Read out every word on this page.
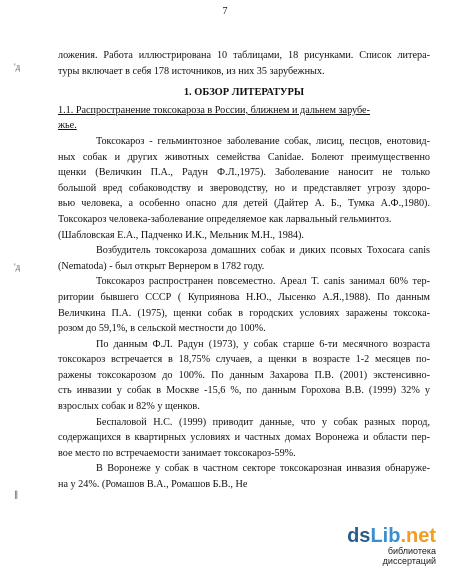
7
'д
'д
∥
ложения. Работа иллюстрирована 10 таблицами, 18 рисунками. Список литера-
туры включает в себя 178 источников, из них 35 зарубежных.
1. ОБЗОР ЛИТЕРАТУРЫ
1.1. Распространение токсокароза в России, ближнем и дальнем зарубе-
жье.
Токсокароз - гельминтозное заболевание собак, лисиц, песцов, енотовид-
ных собак и других животных семейства Canidae. Болеют преимущественно
щенки (Величкин П.А., Радун Ф.Л.,1975). Заболевание наносит не только
большой вред собаководству и звероводству, но и представляет угрозу здоро-
вью человека, а особенно опасно для детей (Дайтер А. Б., Тумка А.Ф.,1980).
Токсокароз человека-заболевание определяемое как ларвальный гельминтоз.
(Шабловская Е.А., Падченко И.К., Мельник М.Н., 1984).
Возбудитель токсокароза домашних собак и диких псовых Toxocara canis
(Nematoda) - был открыт Вернером в 1782 году.
Токсокароз распространен повсеместно. Ареал T. canis занимал 60% тер-
ритории бывшего СССР ( Куприянова Н.Ю., Лысенко А.Я.,1988). По данным
Величкина П.А. (1975), щенки собак в городских условиях заражены токсока-
розом до 59,1%, в сельской местности до 100%.
По данным Ф.Л. Радун (1973), у собак старше 6-ти месячного возраста
токсокароз встречается в 18,75% случаев, а щенки в возрасте 1-2 месяцев по-
ражены токсокарозом до 100%. По данным Захарова П.В. (2001) экстенсивно-
сть инвазии у собак в Москве -15,6 %, по данным Горохова В.В. (1999) 32% у
взрослых собак и 82% у щенков.
Беспаловой Н.С. (1999) приводит данные, что у собак разных пород,
содержащихся в квартирных условиях и частных домах Воронежа и области пер-
вое место по встречаемости занимает токсокароз-59%.
В Воронеже у собак в частном секторе токсокарозная инвазия обнаруже-
на у 24%. (Ромашов В.А., Ромашов Б.В., Не
dsLib.net
библиотека диссертаций
